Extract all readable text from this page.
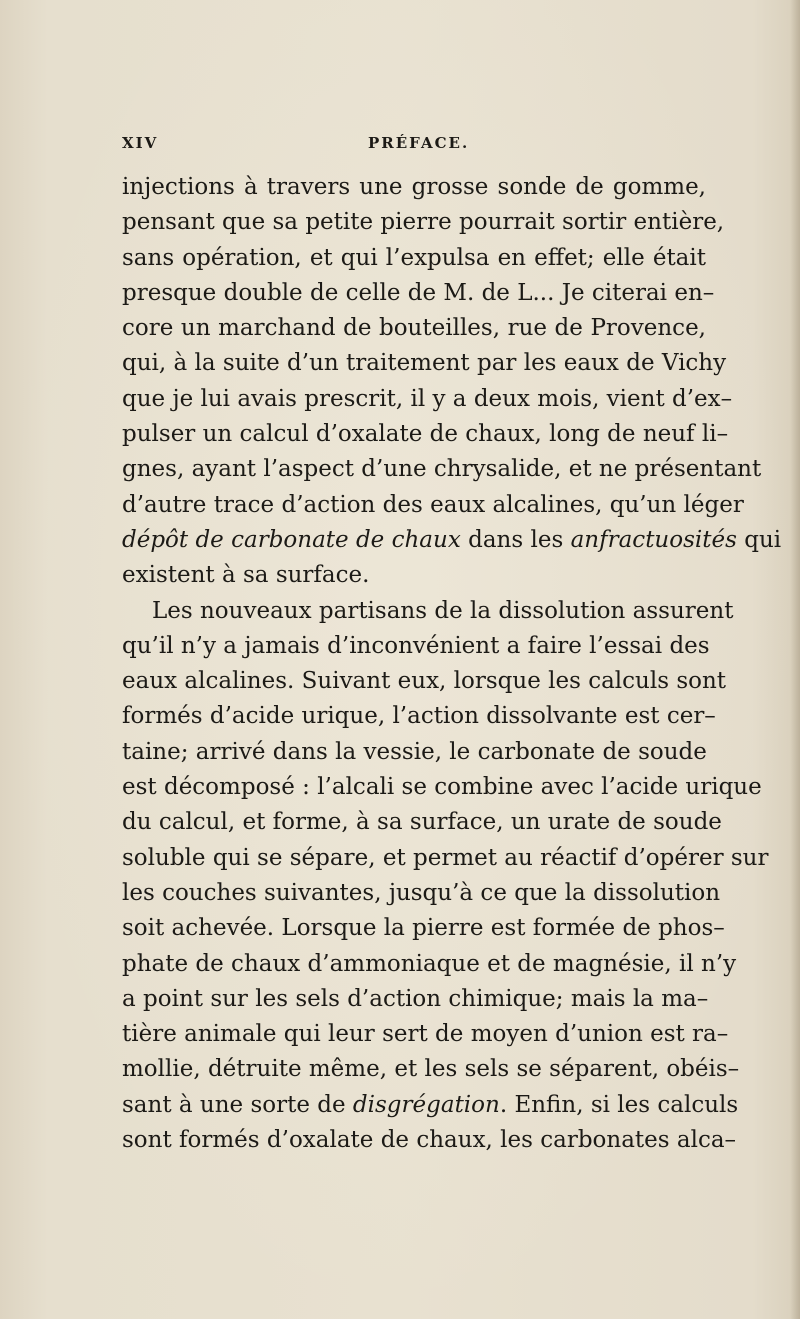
XIV	PRÉFACE.
injections à travers une grosse sonde de gomme,
pensant que sa petite pierre pourrait sortir entière,
sans opération, et qui l’expulsa en effet; elle était
presque double de celle de M. de L... Je citerai en–
core un marchand de bouteilles, rue de Provence,
qui, à la suite d’un traitement par les eaux de Vichy
que je lui avais prescrit, il y a deux mois, vient d’ex–
pulser un calcul d’oxalate de chaux, long de neuf li–
gnes, ayant l’aspect d’une chrysalide, et ne présentant
d’autre trace d’action des eaux alcalines, qu’un léger
dépôt de carbonate de chaux dans les anfractuosités qui
existent à sa surface.
Les nouveaux partisans de la dissolution assurent
qu’il n’y a jamais d’inconvénient a faire l’essai des
eaux alcalines. Suivant eux, lorsque les calculs sont
formés d’acide urique, l’action dissolvante est cer–
taine; arrivé dans la vessie, le carbonate de soude
est décomposé : l’alcali se combine avec l’acide urique
du calcul, et forme, à sa surface, un urate de soude
soluble qui se sépare, et permet au réactif d’opérer sur
les couches suivantes, jusqu’à ce que la dissolution
soit achevée. Lorsque la pierre est formée de phos–
phate de chaux d’ammoniaque et de magnésie, il n’y
a point sur les sels d’action chimique; mais la ma–
tière animale qui leur sert de moyen d’union est ra–
mollie, détruite même, et les sels se séparent, obéis–
sant à une sorte de disgrégation. Enfin, si les calculs
sont formés d’oxalate de chaux, les carbonates alca–
